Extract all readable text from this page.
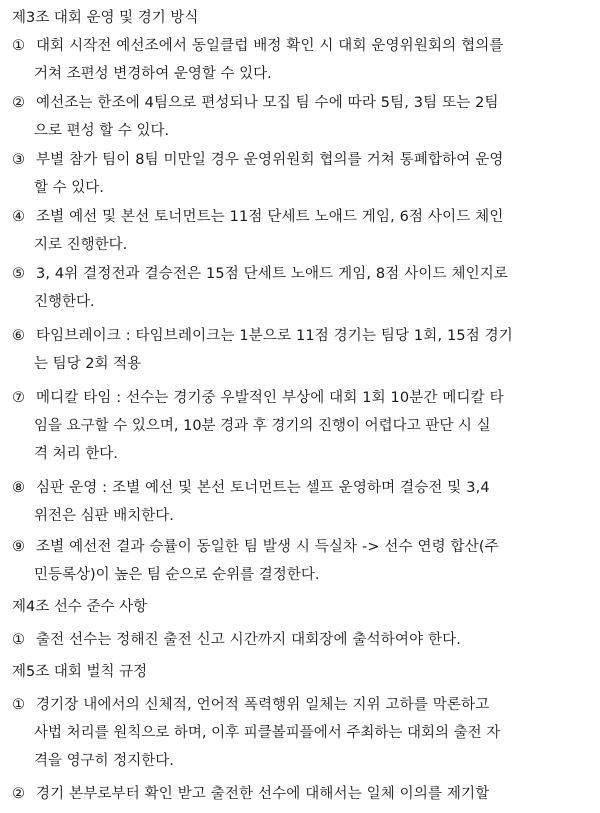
제3조 대회 운영 및 경기 방식
① 대회 시작전 예선조에서 동일클럽 배정 확인 시 대회 운영위원회의 협의를
거쳐 조편성 변경하여 운영할 수 있다.
② 예선조는 한조에 4팀으로 편성되나 모집 팀 수에 따라 5팀, 3팀 또는 2팀
으로 편성 할 수 있다.
③ 부별 참가 팀이 8팀 미만일 경우 운영위원회 협의를 거쳐 통폐합하여 운영
할 수 있다.
④ 조별 예선 및 본선 토너먼트는 11점 단세트 노애드 게임, 6점 사이드 체인
지로 진행한다.
⑤ 3, 4위 결정전과 결승전은 15점 단세트 노애드 게임, 8점 사이드 체인지로
진행한다.
⑥ 타임브레이크 : 타임브레이크는 1분으로 11점 경기는 팀당 1회, 15점 경기
는 팀당 2회 적용
⑦ 메디칼 타임 : 선수는 경기중 우발적인 부상에 대회 1회 10분간 메디칼 타
임을 요구할 수 있으며, 10분 경과 후 경기의 진행이 어렵다고 판단 시 실
격 처리 한다.
⑧ 심판 운영 : 조별 예선 및 본선 토너먼트는 셀프 운영하며 결승전 및 3,4
위전은 심판 배치한다.
⑨ 조별 예선전 결과 승률이 동일한 팀 발생 시 득실차 -> 선수 연령 합산(주
민등록상)이 높은 팀 순으로 순위를 결정한다.
제4조 선수 준수 사항
① 출전 선수는 정해진 출전 신고 시간까지 대회장에 출석하여야 한다.
제5조 대회 벌칙 규정
① 경기장 내에서의 신체적, 언어적 폭력행위 일체는 지위 고하를 막론하고
사법 처리를 원칙으로 하며, 이후 피클볼피플에서 주최하는 대회의 출전 자
격을 영구히 정지한다.
② 경기 본부로부터 확인 받고 출전한 선수에 대해서는 일체 이의를 제기할
